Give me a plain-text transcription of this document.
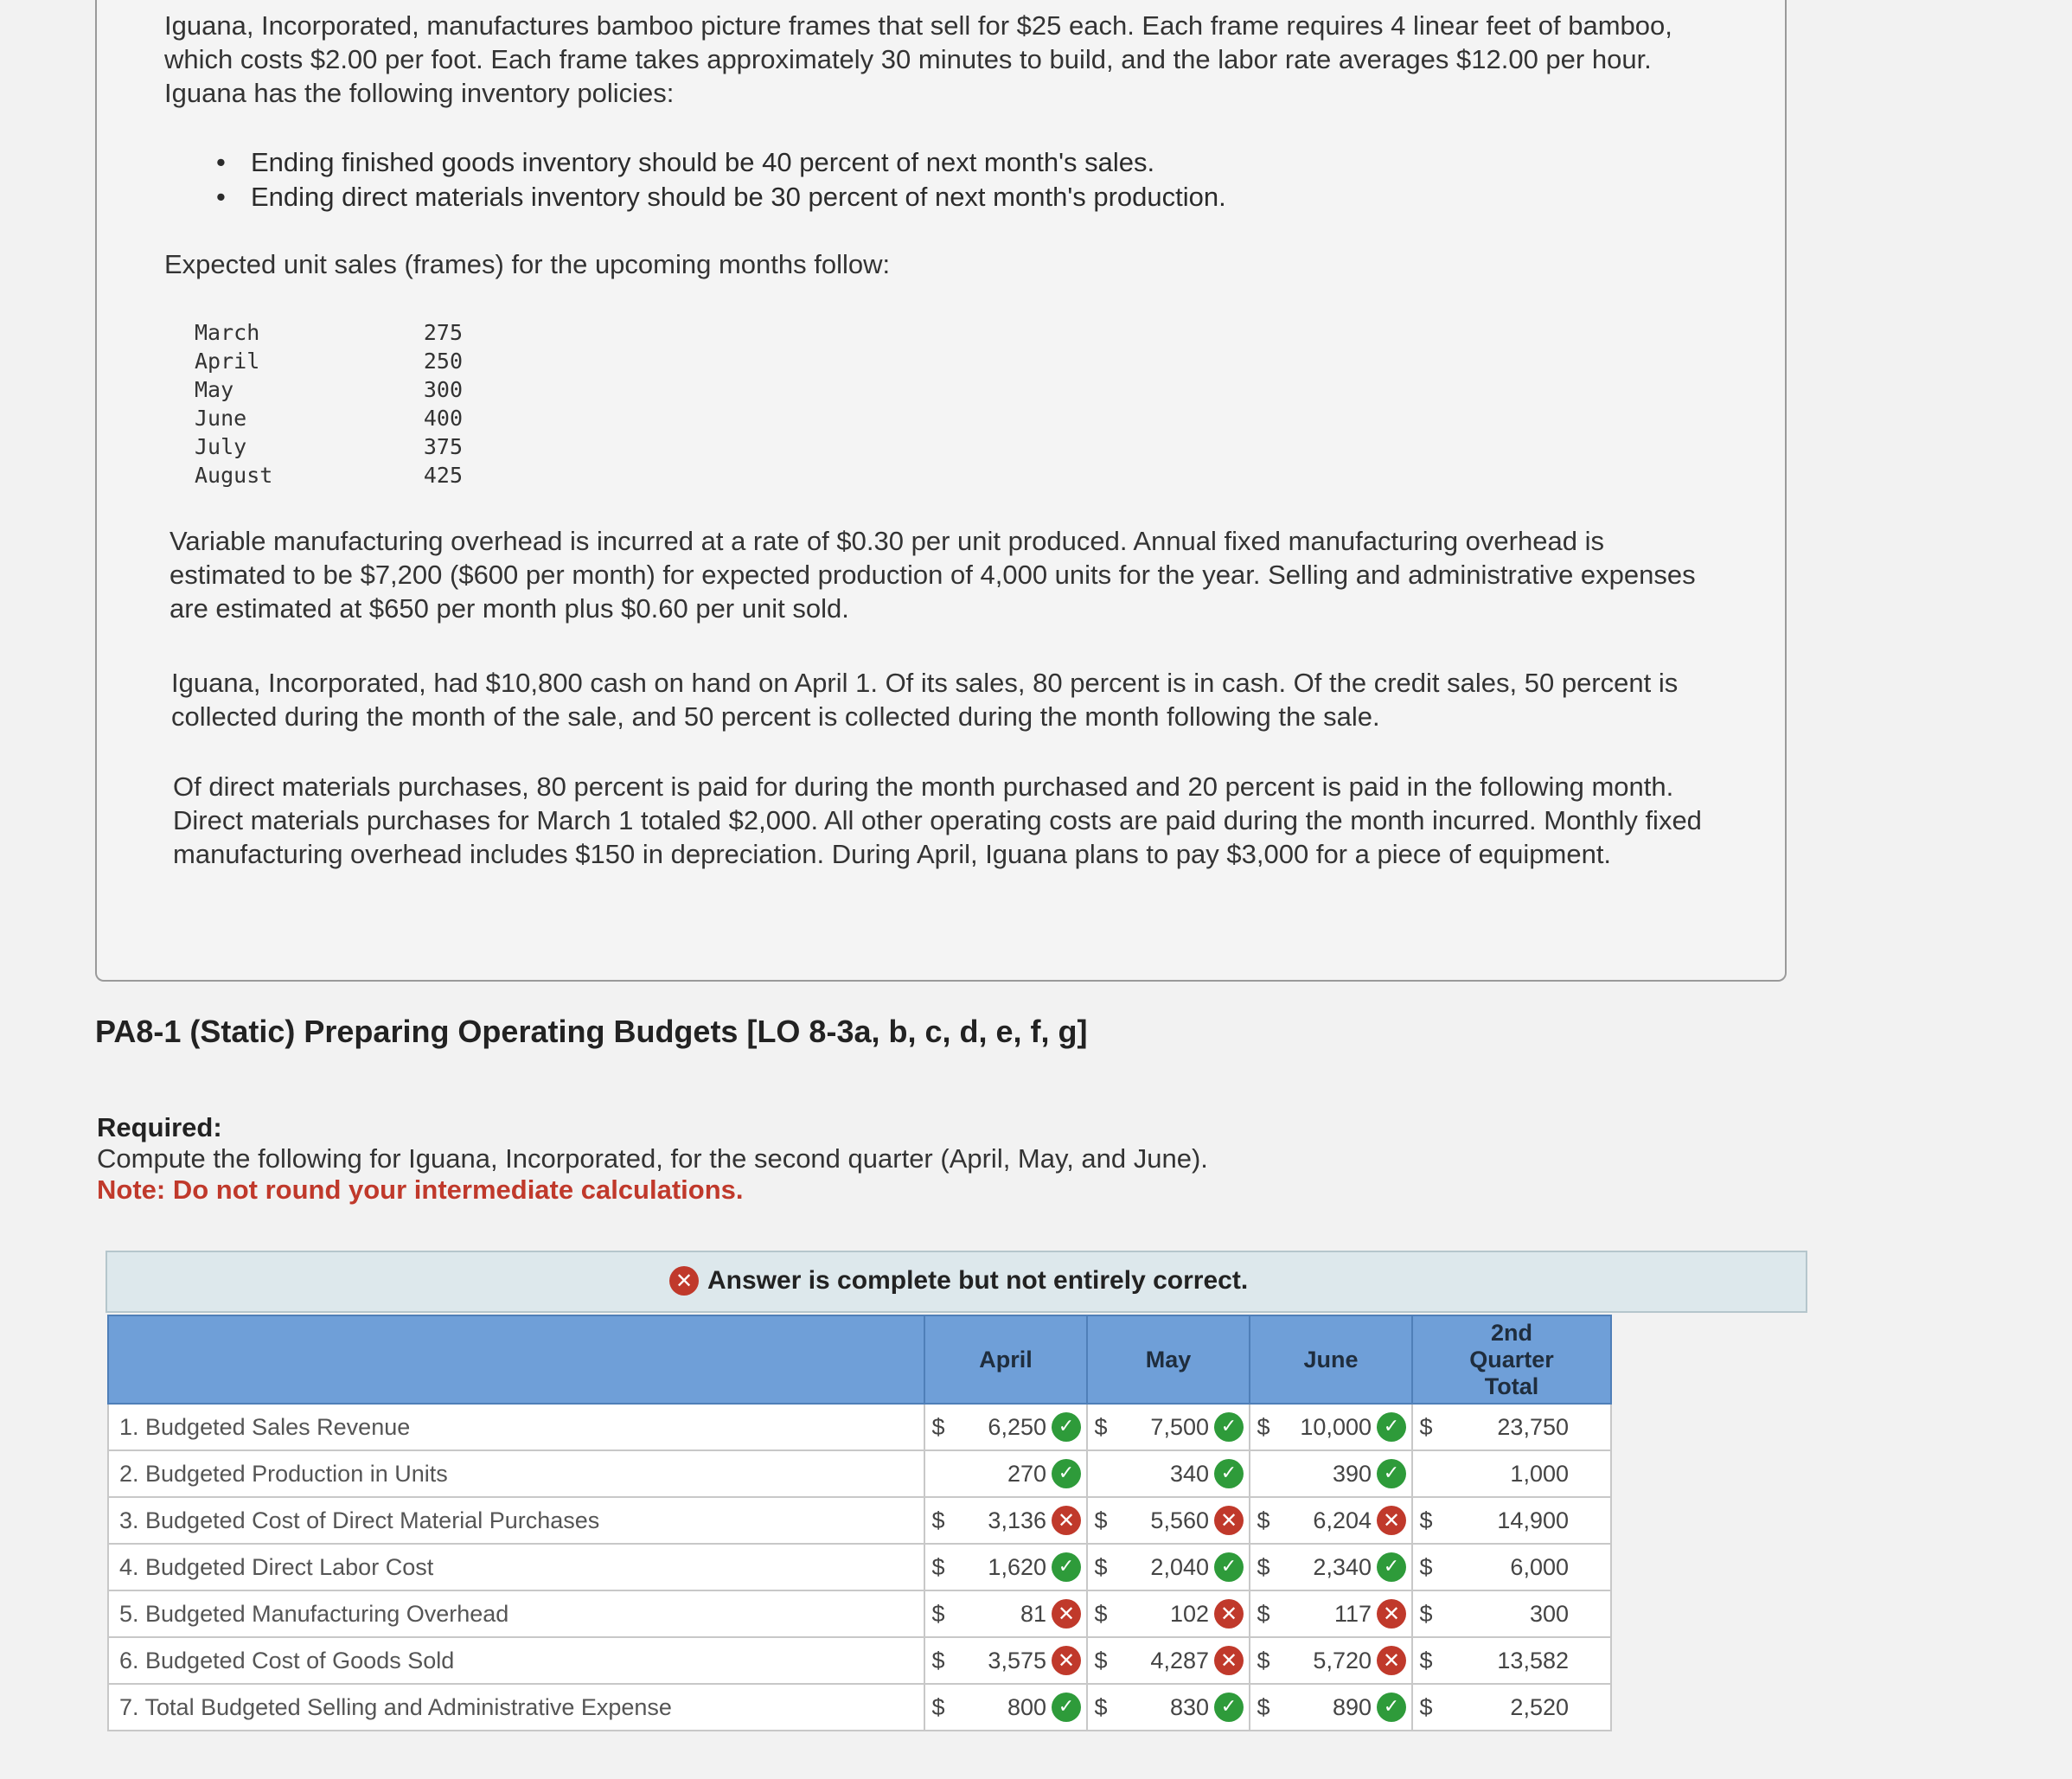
Iguana, Incorporated, manufactures bamboo picture frames that sell for $25 each. Each frame requires 4 linear feet of bamboo, which costs $2.00 per foot. Each frame takes approximately 30 minutes to build, and the labor rate averages $12.00 per hour. Iguana has the following inventory policies:

• Ending finished goods inventory should be 40 percent of next month's sales.
• Ending direct materials inventory should be 30 percent of next month's production.

Expected unit sales (frames) for the upcoming months follow:

March	275
April	250
May	300
June	400
July	375
August	425

Variable manufacturing overhead is incurred at a rate of $0.30 per unit produced. Annual fixed manufacturing overhead is estimated to be $7,200 ($600 per month) for expected production of 4,000 units for the year. Selling and administrative expenses are estimated at $650 per month plus $0.60 per unit sold.

Iguana, Incorporated, had $10,800 cash on hand on April 1. Of its sales, 80 percent is in cash. Of the credit sales, 50 percent is collected during the month of the sale, and 50 percent is collected during the month following the sale.

Of direct materials purchases, 80 percent is paid for during the month purchased and 20 percent is paid in the following month. Direct materials purchases for March 1 totaled $2,000. All other operating costs are paid during the month incurred. Monthly fixed manufacturing overhead includes $150 in depreciation. During April, Iguana plans to pay $3,000 for a piece of equipment.

PA8-1 (Static) Preparing Operating Budgets [LO 8-3a, b, c, d, e, f, g]
Required:
Compute the following for Iguana, Incorporated, for the second quarter (April, May, and June).
Note: Do not round your intermediate calculations.
✕ Answer is complete but not entirely correct.
	April		May		June		2nd
Quarter
Total	
1. Budgeted Sales Revenue	$	6,250 ✓	$	7,500 ✓	$	10,000 ✓	$	23,750
2. Budgeted Production in Units		270 ✓		340 ✓		390 ✓		1,000
3. Budgeted Cost of Direct Material Purchases	$	3,136 ✕	$	5,560 ✕	$	6,204 ✕	$	14,900
4. Budgeted Direct Labor Cost	$	1,620 ✓	$	2,040 ✓	$	2,340 ✓	$	6,000
5. Budgeted Manufacturing Overhead	$	81 ✕	$	102 ✕	$	117 ✕	$	300
6. Budgeted Cost of Goods Sold	$	3,575 ✕	$	4,287 ✕	$	5,720 ✕	$	13,582
7. Total Budgeted Selling and Administrative Expense	$	800 ✓	$	830 ✓	$	890 ✓	$	2,520
